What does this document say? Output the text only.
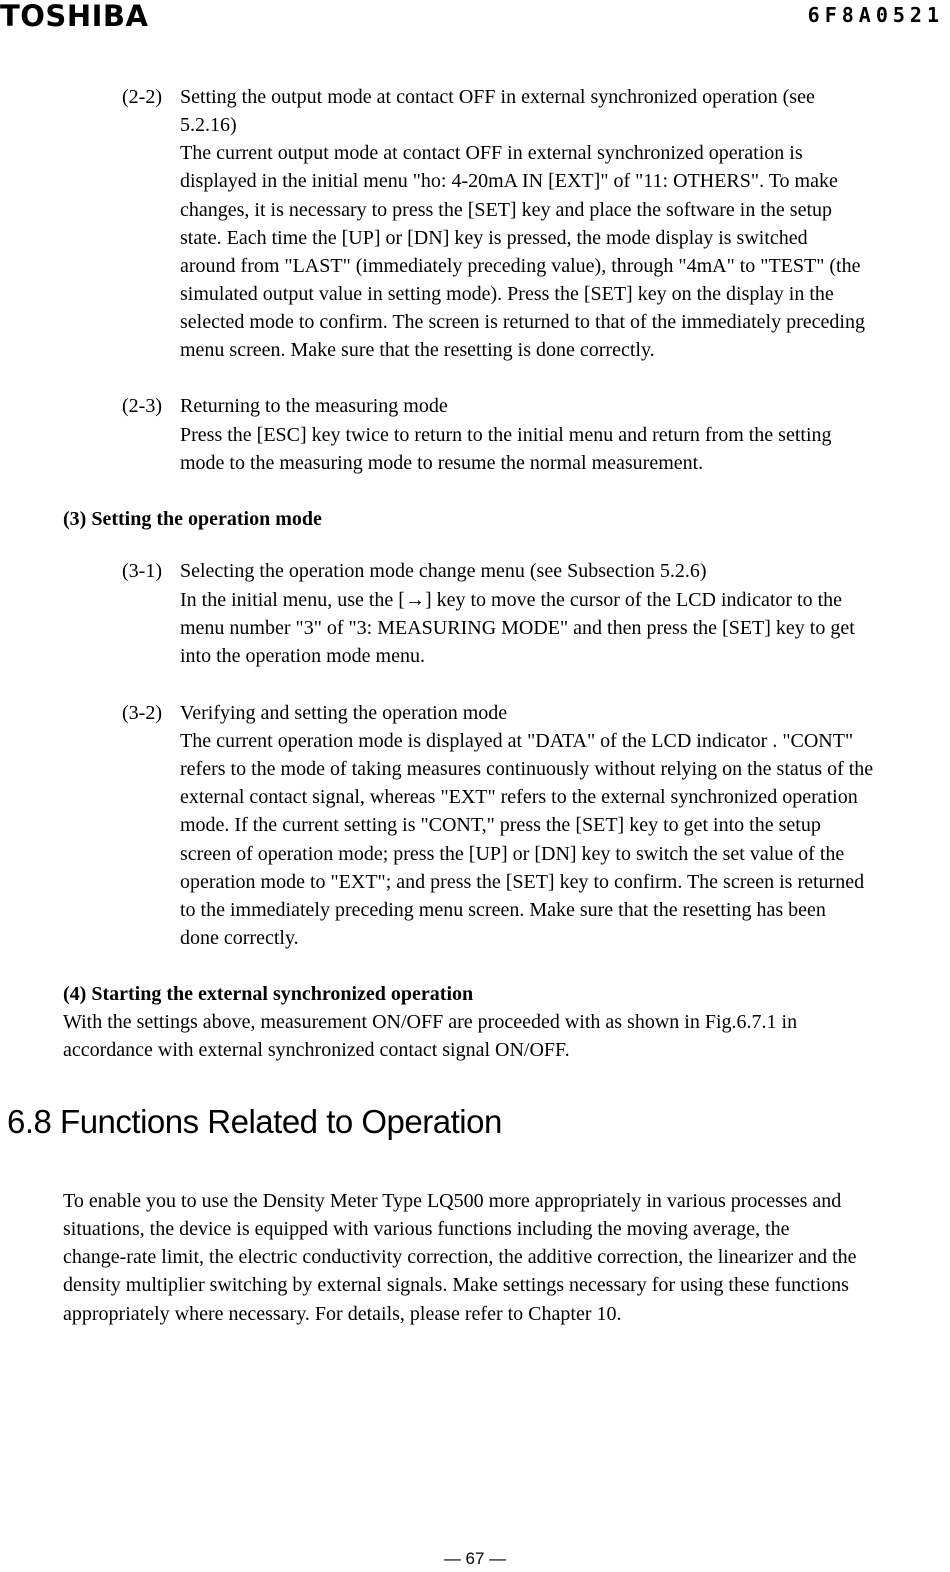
TOSHIBA	6F8A0521
(2-2) Setting the output mode at contact OFF in external synchronized operation (see
5.2.16)
The current output mode at contact OFF in external synchronized operation is
displayed in the initial menu "ho: 4-20mA IN [EXT]" of "11: OTHERS". To make
changes, it is necessary to press the [SET] key and place the software in the setup
state. Each time the [UP] or [DN] key is pressed, the mode display is switched
around from "LAST" (immediately preceding value), through "4mA" to "TEST" (the
simulated output value in setting mode). Press the [SET] key on the display in the
selected mode to confirm. The screen is returned to that of the immediately preceding
menu screen. Make sure that the resetting is done correctly.
(2-3) Returning to the measuring mode
Press the [ESC] key twice to return to the initial menu and return from the setting
mode to the measuring mode to resume the normal measurement.
(3) Setting the operation mode
(3-1) Selecting the operation mode change menu (see Subsection 5.2.6)
In the initial menu, use the [→] key to move the cursor of the LCD indicator to the
menu number "3" of "3: MEASURING MODE" and then press the [SET] key to get
into the operation mode menu.
(3-2) Verifying and setting the operation mode
The current operation mode is displayed at "DATA" of the LCD indicator . "CONT"
refers to the mode of taking measures continuously without relying on the status of the
external contact signal, whereas "EXT" refers to the external synchronized operation
mode. If the current setting is "CONT," press the [SET] key to get into the setup
screen of operation mode; press the [UP] or [DN] key to switch the set value of the
operation mode to "EXT"; and press the [SET] key to confirm. The screen is returned
to the immediately preceding menu screen. Make sure that the resetting has been
done correctly.
(4) Starting the external synchronized operation
With the settings above, measurement ON/OFF are proceeded with as shown in Fig.6.7.1 in
accordance with external synchronized contact signal ON/OFF.
To enable you to use the Density Meter Type LQ500 more appropriately in various processes and
situations, the device is equipped with various functions including the moving average, the
change-rate limit, the electric conductivity correction, the additive correction, the linearizer and the
density multiplier switching by external signals. Make settings necessary for using these functions
appropriately where necessary. For details, please refer to Chapter 10.
6.8 Functions Related to Operation
— 67 —
